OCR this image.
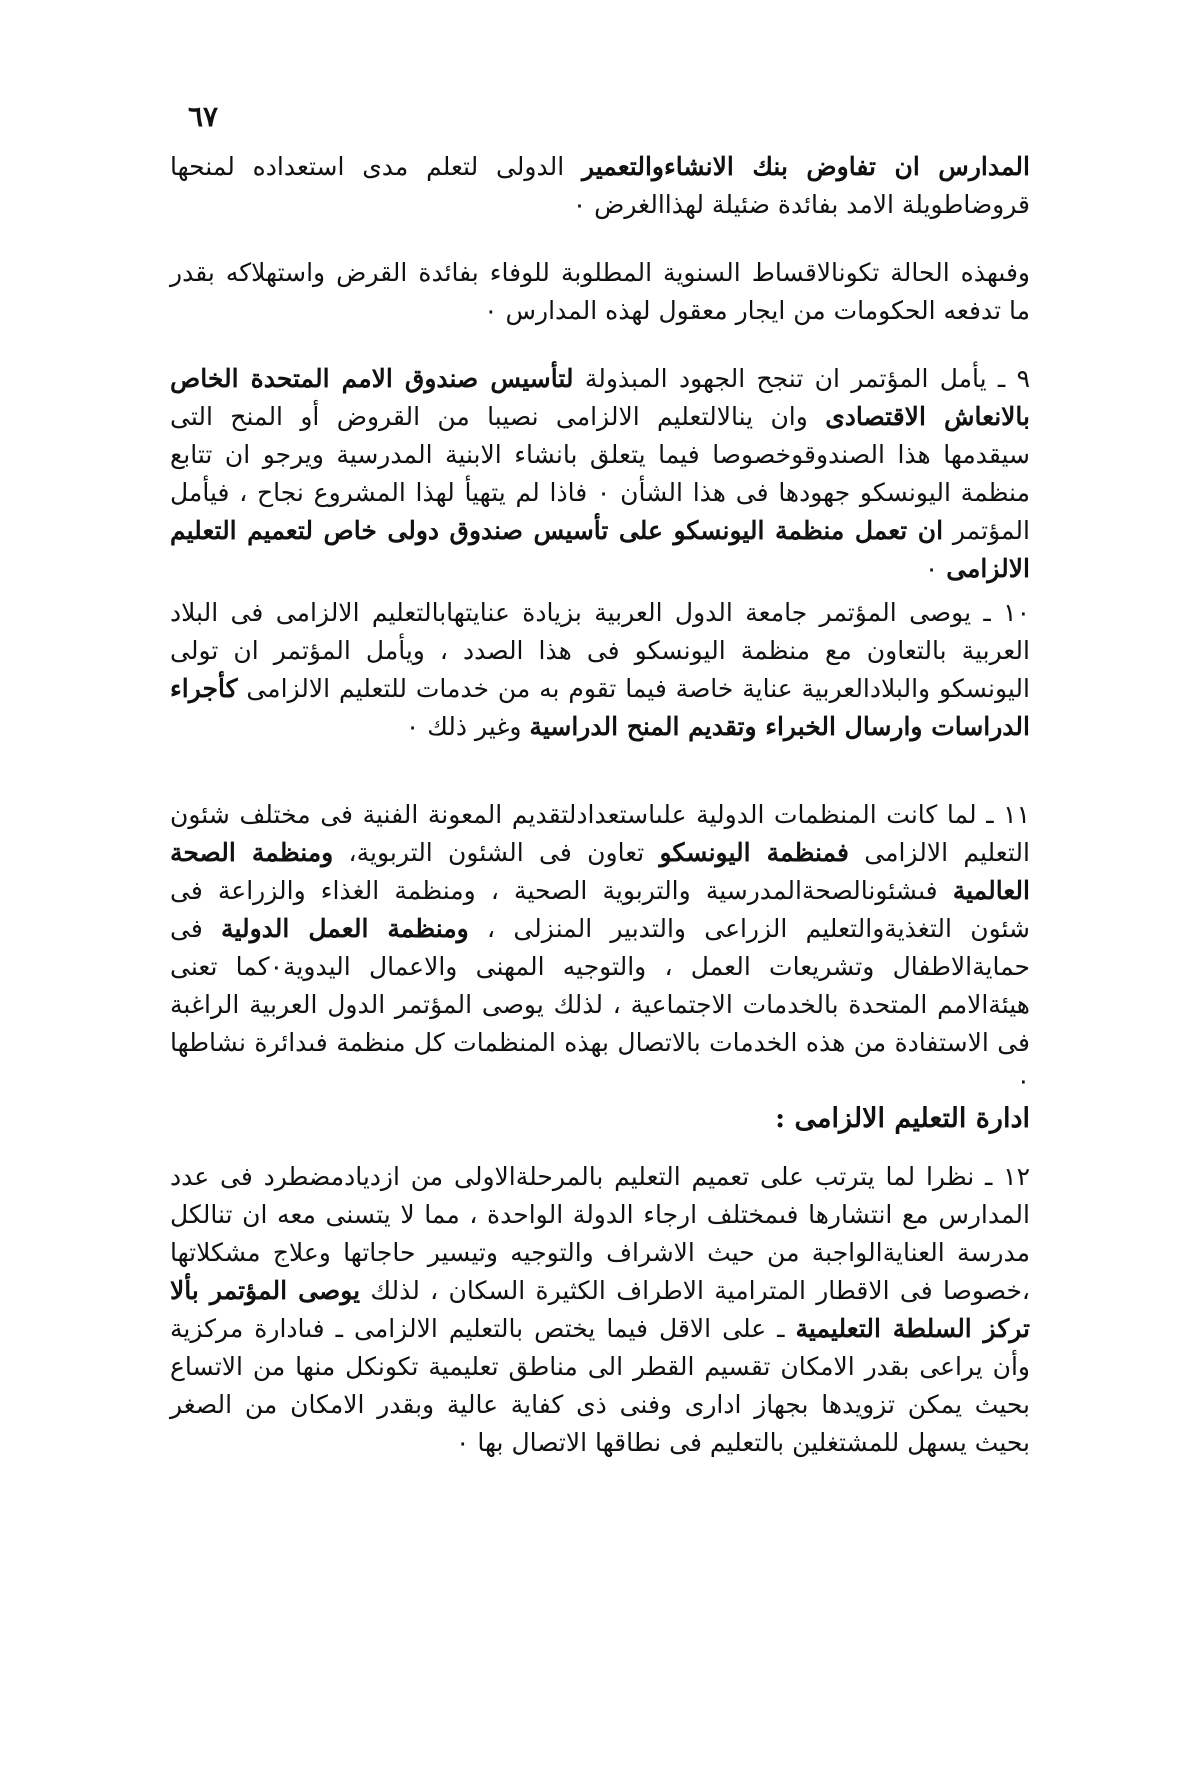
٦٧
المدارس ان تفاوض بنك الانشاءوالتعمير الدولى لتعلم مدى استعداده لمنحها قروضاطويلة الامد بفائدة ضئيلة لهذاالغرض ٠
وفىهذه الحالة تكونالاقساط السنوية المطلوبة للوفاء بفائدة القرض واستهلاكه بقدر ما تدفعه الحكومات من ايجار معقول لهذه المدارس ٠
٩ ـ يأمل المؤتمر ان تنجح الجهود المبذولة لتأسيس صندوق الامم المتحدة الخاص بالانعاش الاقتصادى وان ينالالتعليم الالزامى نصيبا من القروض أو المنح التى سيقدمها هذا الصندوقوخصوصا فيما يتعلق بانشاء الابنية المدرسية ويرجو ان تتابع منظمة اليونسكو جهودها فى هذا الشأن ٠ فاذا لم يتهيأ لهذا المشروع نجاح ، فيأمل المؤتمر ان تعمل منظمة اليونسكو على تأسيس صندوق دولى خاص لتعميم التعليم الالزامى ٠
١٠ ـ يوصى المؤتمر جامعة الدول العربية بزيادة عنايتهابالتعليم الالزامى فى البلاد العربية بالتعاون مع منظمة اليونسكو فى هذا الصدد ، ويأمل المؤتمر ان تولى اليونسكو والبلادالعربية عناية خاصة فيما تقوم به من خدمات للتعليم الالزامى كأجراء الدراسات وارسال الخبراء وتقديم المنح الدراسية وغير ذلك ٠
١١ ـ لما كانت المنظمات الدولية علىاستعدادلتقديم المعونة الفنية فى مختلف شئون التعليم الالزامى فمنظمة اليونسكو تعاون فى الشئون التربوية، ومنظمة الصحة العالمية فىشئونالصحةالمدرسية والتربوية الصحية ، ومنظمة الغذاء والزراعة فى شئون التغذيةوالتعليم الزراعى والتدبير المنزلى ، ومنظمة العمل الدولية فى حمايةالاطفال وتشريعات العمل ، والتوجيه المهنى والاعمال اليدوية٠كما تعنى هيئةالامم المتحدة بالخدمات الاجتماعية ، لذلك يوصى المؤتمر الدول العربية الراغبة فى الاستفادة من هذه الخدمات بالاتصال بهذه المنظمات كل منظمة فىدائرة نشاطها ٠
ادارة التعليم الالزامى :
١٢ ـ نظرا لما يترتب على تعميم التعليم بالمرحلةالاولى من ازديادمضطرد فى عدد المدارس مع انتشارها فىمختلف ارجاء الدولة الواحدة ، مما لا يتسنى معه ان تنالكل مدرسة العنايةالواجبة من حيث الاشراف والتوجيه وتيسير حاجاتها وعلاج مشكلاتها ،خصوصا فى الاقطار المترامية الاطراف الكثيرة السكان ، لذلك يوصى المؤتمر بألا تركز السلطة التعليمية ـ على الاقل فيما يختص بالتعليم الالزامى ـ فىادارة مركزية وأن يراعى بقدر الامكان تقسيم القطر الى مناطق تعليمية تكونكل منها من الاتساع بحيث يمكن تزويدها بجهاز ادارى وفنى ذى كفاية عالية وبقدر الامكان من الصغر بحيث يسهل للمشتغلين بالتعليم فى نطاقها الاتصال بها ٠
